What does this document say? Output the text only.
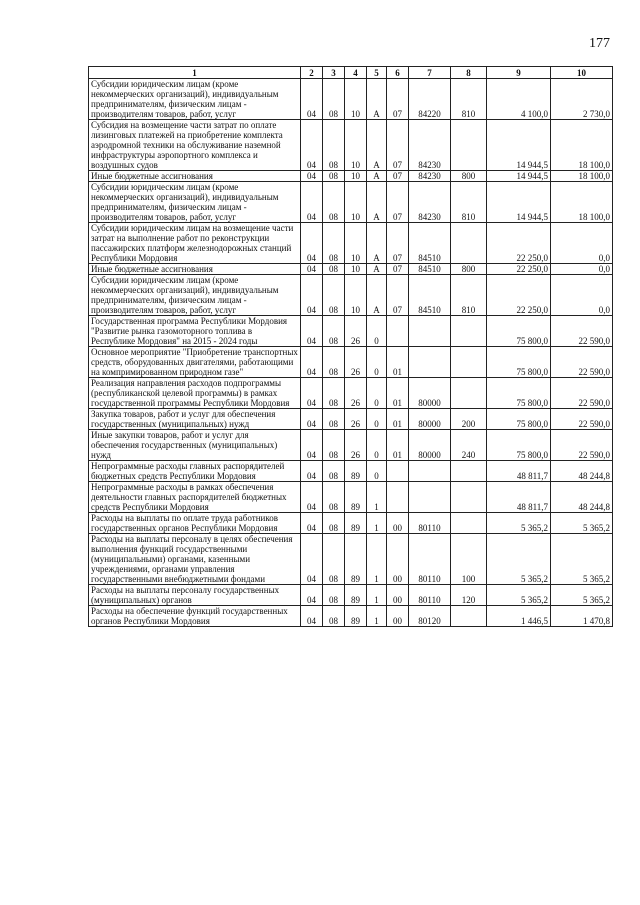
177
1	2	3	4	5	6	7	8	9	10
Субсидии юридическим лицам (кроме некоммерческих организаций), индивидуальным предпринимателям, физическим лицам - производителям товаров, работ, услуг	04	08	10	А	07	84220	810	4 100,0	2 730,0
Субсидия на возмещение части затрат по оплате лизинговых платежей на приобретение комплекта аэродромной техники на обслуживание наземной инфраструктуры аэропортного комплекса и воздушных судов	04	08	10	А	07	84230		14 944,5	18 100,0
Иные бюджетные ассигнования	04	08	10	А	07	84230	800	14 944,5	18 100,0
Субсидии юридическим лицам (кроме некоммерческих организаций), индивидуальным предпринимателям, физическим лицам - производителям товаров, работ, услуг	04	08	10	А	07	84230	810	14 944,5	18 100,0
Субсидии юридическим лицам на возмещение части затрат на выполнение работ по реконструкции пассажирских платформ железнодорожных станций Республики Мордовия	04	08	10	А	07	84510		22 250,0	0,0
Иные бюджетные ассигнования	04	08	10	А	07	84510	800	22 250,0	0,0
Субсидии юридическим лицам (кроме некоммерческих организаций), индивидуальным предпринимателям, физическим лицам - производителям товаров, работ, услуг	04	08	10	А	07	84510	810	22 250,0	0,0
Государственная программа Республики Мордовия "Развитие рынка газомоторного топлива в Республике Мордовия" на 2015 - 2024 годы	04	08	26	0				75 800,0	22 590,0
Основное мероприятие "Приобретение транспортных средств, оборудованных двигателями, работающими на компримированном природном газе"	04	08	26	0	01			75 800,0	22 590,0
Реализация направления расходов подпрограммы (республиканской целевой программы) в рамках государственной программы Республики Мордовия	04	08	26	0	01	80000		75 800,0	22 590,0
Закупка товаров, работ и услуг для обеспечения государственных (муниципальных) нужд	04	08	26	0	01	80000	200	75 800,0	22 590,0
Иные закупки товаров, работ и услуг для обеспечения государственных (муниципальных) нужд	04	08	26	0	01	80000	240	75 800,0	22 590,0
Непрограммные расходы главных распорядителей бюджетных средств Республики Мордовия	04	08	89	0				48 811,7	48 244,8
Непрограммные расходы в рамках обеспечения деятельности главных распорядителей бюджетных средств Республики Мордовия	04	08	89	1				48 811,7	48 244,8
Расходы на выплаты по оплате труда работников государственных органов Республики Мордовия	04	08	89	1	00	80110		5 365,2	5 365,2
Расходы на выплаты персоналу в целях обеспечения выполнения функций государственными (муниципальными) органами, казенными учреждениями, органами управления государственными внебюджетными фондами	04	08	89	1	00	80110	100	5 365,2	5 365,2
Расходы на выплаты персоналу государственных (муниципальных) органов	04	08	89	1	00	80110	120	5 365,2	5 365,2
Расходы на обеспечение функций государственных органов Республики Мордовия	04	08	89	1	00	80120		1 446,5	1 470,8
